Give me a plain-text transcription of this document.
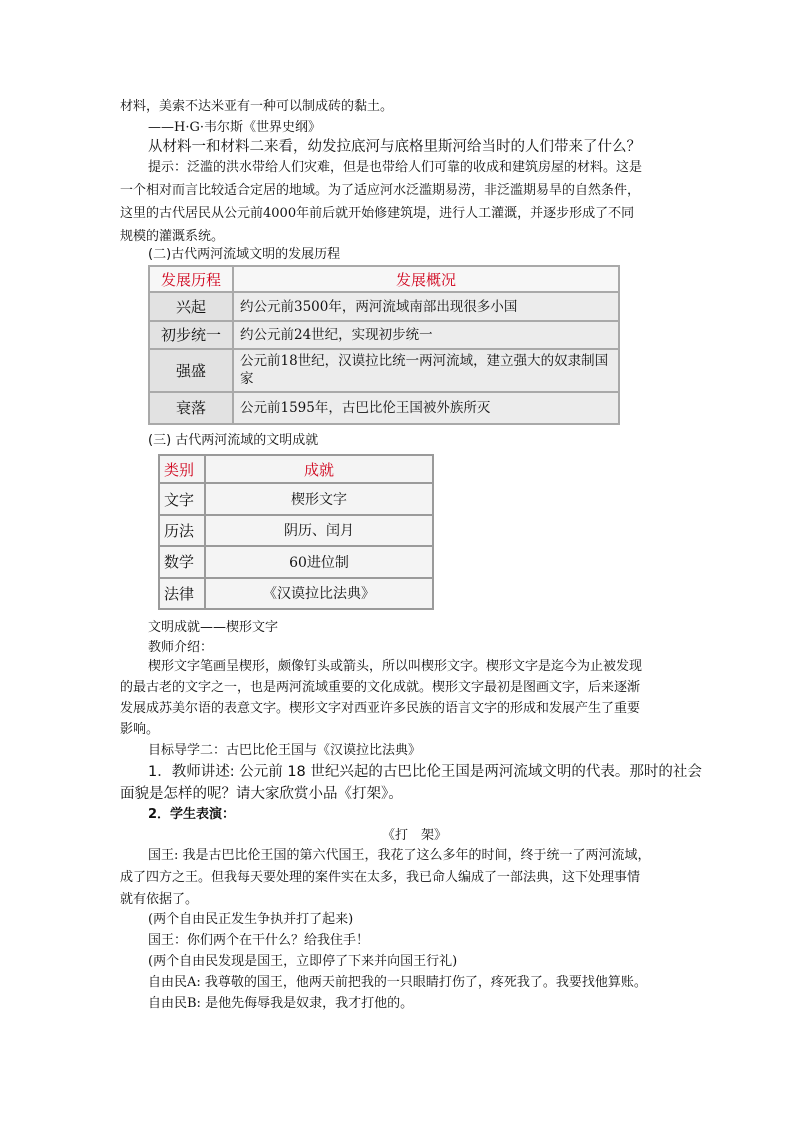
材料，美索不达米亚有一种可以制成砖的黏土。
——H·G·韦尔斯《世界史纲》
从材料一和材料二来看，幼发拉底河与底格里斯河给当时的人们带来了什么？
提示：泛滥的洪水带给人们灾难，但是也带给人们可靠的收成和建筑房屋的材料。这是
一个相对而言比较适合定居的地域。为了适应河水泛滥期易涝，非泛滥期易旱的自然条件，
这里的古代居民从公元前4000年前后就开始修建筑堤，进行人工灌溉，并逐步形成了不同
规模的灌溉系统。
(二)古代两河流域文明的发展历程
发展历程	发展概况
兴起	约公元前3500年，两河流域南部出现很多小国
初步统一	约公元前24世纪，实现初步统一
强盛	公元前18世纪，汉谟拉比统一两河流域，建立强大的奴隶制国家
衰落	公元前1595年，古巴比伦王国被外族所灭
(三) 古代两河流域的文明成就
类别	成就
文字	楔形文字
历法	阴历、闰月
数学	60进位制
法律	《汉谟拉比法典》
文明成就——楔形文字
教师介绍：
楔形文字笔画呈楔形，颇像钉头或箭头，所以叫楔形文字。楔形文字是迄今为止被发现
的最古老的文字之一，也是两河流域重要的文化成就。楔形文字最初是图画文字，后来逐渐
发展成苏美尔语的表意文字。楔形文字对西亚许多民族的语言文字的形成和发展产生了重要
影响。
目标导学二：古巴比伦王国与《汉谟拉比法典》
1．教师讲述: 公元前 18 世纪兴起的古巴比伦王国是两河流域文明的代表。那时的社会
面貌是怎样的呢？请大家欣赏小品《打架》。
2．学生表演：
《打　架》
国王: 我是古巴比伦王国的第六代国王，我花了这么多年的时间，终于统一了两河流域，
成了四方之王。但我每天要处理的案件实在太多，我已命人编成了一部法典，这下处理事情
就有依据了。
(两个自由民正发生争执并打了起来)
国王：你们两个在干什么？给我住手！
(两个自由民发现是国王，立即停了下来并向国王行礼)
自由民A: 我尊敬的国王，他两天前把我的一只眼睛打伤了，疼死我了。我要找他算账。
自由民B: 是他先侮辱我是奴隶，我才打他的。
